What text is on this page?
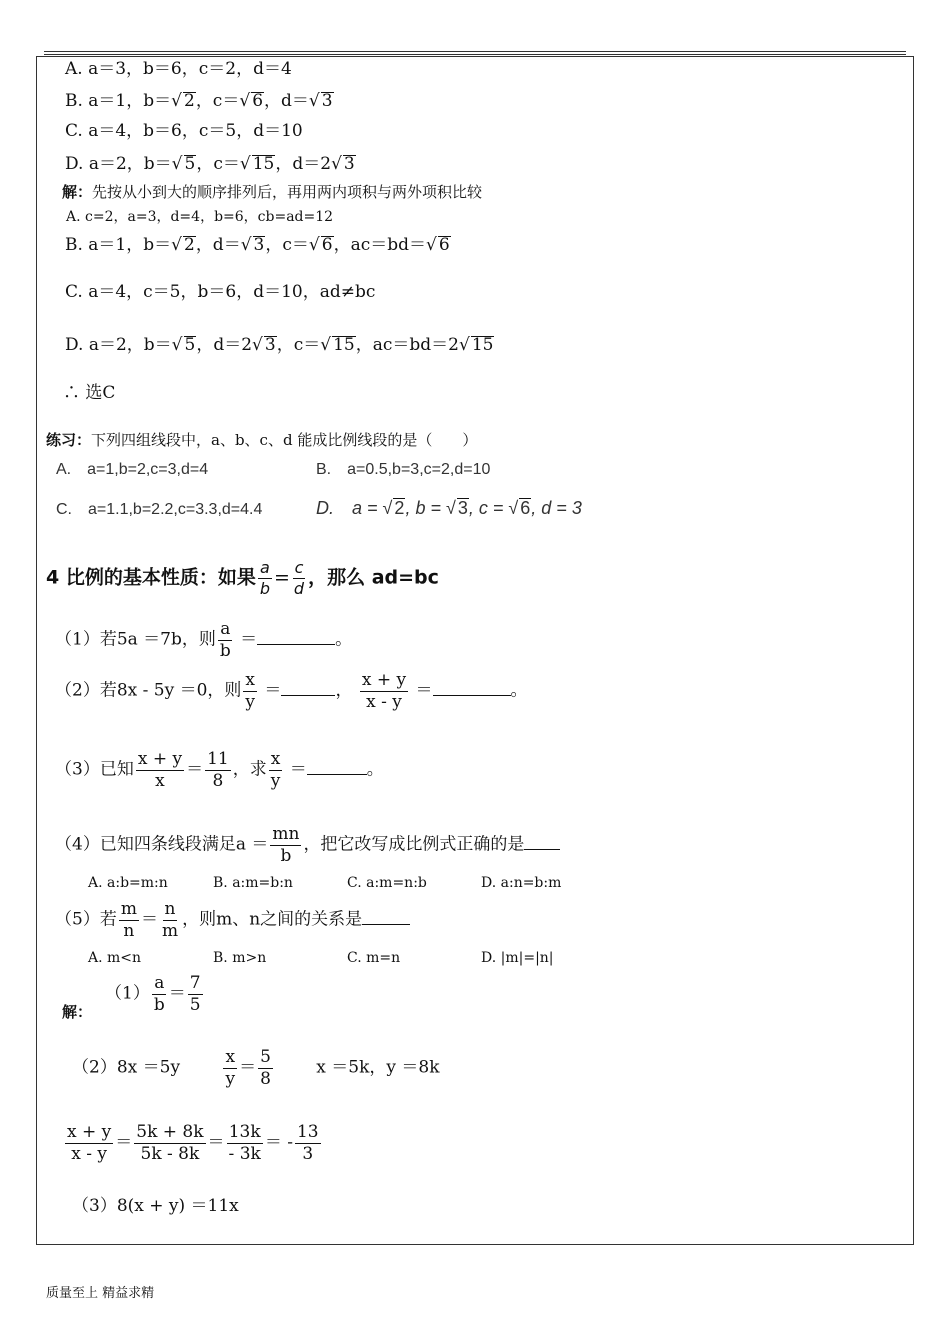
A. a＝3，b＝6，c＝2，d＝4
B. a＝1，b＝√ 2，c＝√ 6，d＝√ 3
C. a＝4，b＝6，c＝5，d＝10
D. a＝2，b＝√ 5，c＝√ 15，d＝2√ 3
解：先按从小到大的顺序排列后，再用两内项积与两外项积比较
A. c=2，a=3，d=4，b=6，cb=ad=12
B. a＝1，b＝√ 2，d＝√ 3，c＝√ 6，ac＝bd＝√ 6
C. a＝4，c＝5，b＝6，d＝10，ad≠bc
D. a＝2，b＝√ 5，d＝2√ 3，c＝√ 15，ac＝bd＝2√ 15
∴ 选C
练习：下列四组线段中，a、b、c、d 能成比例线段的是（　　）
A.　a=1,b=2,c=3,d=4	B.　a=0.5,b=3,c=2,d=10
C.　a=1.1,b=2.2,c=3.3,d=4.4	D.　a = √ 2, b = √ 3, c = √ 6, d = 3
4 比例的基本性质：如果 $\frac{a}{b} = \frac{c}{d}$ ，那么 ad=bc
（1）若5a ＝7b，则 $\frac{a}{b}$ ＝	。
（2）若8x - 5y ＝0，则 $\frac{x}{y}$ ＝	， $\frac{x + y}{x - y}$ ＝	。
（3）已知 $\frac{x + y}{x} = \frac{11}{8}$ ，求 $\frac{x}{y}$ ＝	。
（4）已知四条线段满足$a = \frac{mn}{b}$ ，把它改写成比例式正确的是
A. a:b=m:n	B. a:m=b:n	C. a:m=n:b	D. a:n=b:m
（5）若 $\frac{m}{n} = \frac{n}{m}$ ，则m、n之间的关系是
A. m<n	B. m>n	C. m=n	D. |m|=|n|
$(1) \frac{a}{b} = \frac{7}{5}$
解：
（2）8x ＝5y	$\frac{x}{y} = \frac{5}{8}$	x ＝5k，y ＝8k
$\frac{x + y}{x - y} = \frac{5k + 8k}{5k - 8k} = \frac{13k}{- 3k}$ ＝ - $\frac{13}{3}$
（3）8(x + y) ＝11x
质量至上 精益求精
